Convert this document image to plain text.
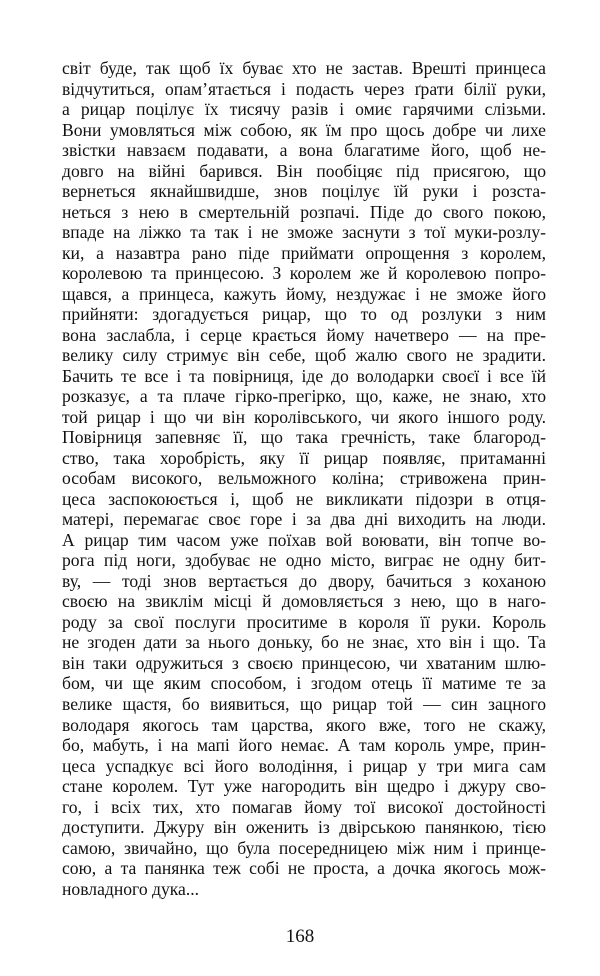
світ буде, так щоб їх буває хто не застав. Врешті принцеса
відчутиться, опам’ятається і подасть через ґрати білії руки,
а рицар поцілує їх тисячу разів і омиє гарячими слізьми.
Вони умовляться між собою, як їм про щось добре чи лихе
звістки навзаєм подавати, а вона благатиме його, щоб не-
довго на війні барився. Він пообіцяє під присягою, що
вернеться якнайшвидше, знов поцілує їй руки і розста-
неться з нею в смертельній розпачі. Піде до свого покою,
впаде на ліжко та так і не зможе заснути з тої муки-розлу-
ки, а назавтра рано піде приймати опрощення з королем,
королевою та принцесою. З королем же й королевою попро-
щався, а принцеса, кажуть йому, нездужає і не зможе його
прийняти: здогадується рицар, що то од розлуки з ним
вона заслабла, і серце крається йому начетверо — на пре-
велику силу стримує він себе, щоб жалю свого не зрадити.
Бачить те все і та повірниця, іде до володарки своєї і все їй
розказує, а та плаче гірко-прегірко, що, каже, не знаю, хто
той рицар і що чи він королівського, чи якого іншого роду.
Повірниця запевняє її, що така гречність, таке благород-
ство, така хоробрість, яку її рицар появляє, притаманні
особам високого, вельможного коліна; стривожена прин-
цеса заспокоюється і, щоб не викликати підозри в отця-
матері, перемагає своє горе і за два дні виходить на люди.
А рицар тим часом уже поїхав вой воювати, він топче во-
рога під ноги, здобуває не одно місто, виграє не одну бит-
ву, — тоді знов вертається до двору, бачиться з коханою
своєю на звиклім місці й домовляється з нею, що в наго-
роду за свої послуги проситиме в короля її руки. Король
не згоден дати за нього доньку, бо не знає, хто він і що. Та
він таки одружиться з своєю принцесою, чи хватаним шлю-
бом, чи ще яким способом, і згодом отець її матиме те за
велике щастя, бо виявиться, що рицар той — син зацного
володаря якогось там царства, якого вже, того не скажу,
бо, мабуть, і на мапі його немає. А там король умре, прин-
цеса успадкує всі його володіння, і рицар у три мига сам
стане королем. Тут уже нагородить він щедро і джуру сво-
го, і всіх тих, хто помагав йому тої високої достойності
доступити. Джуру він оженить із двірською панянкою, тією
самою, звичайно, що була посередницею між ним і принце-
сою, а та панянка теж собі не проста, а дочка якогось мож-
новладного дука...
168
